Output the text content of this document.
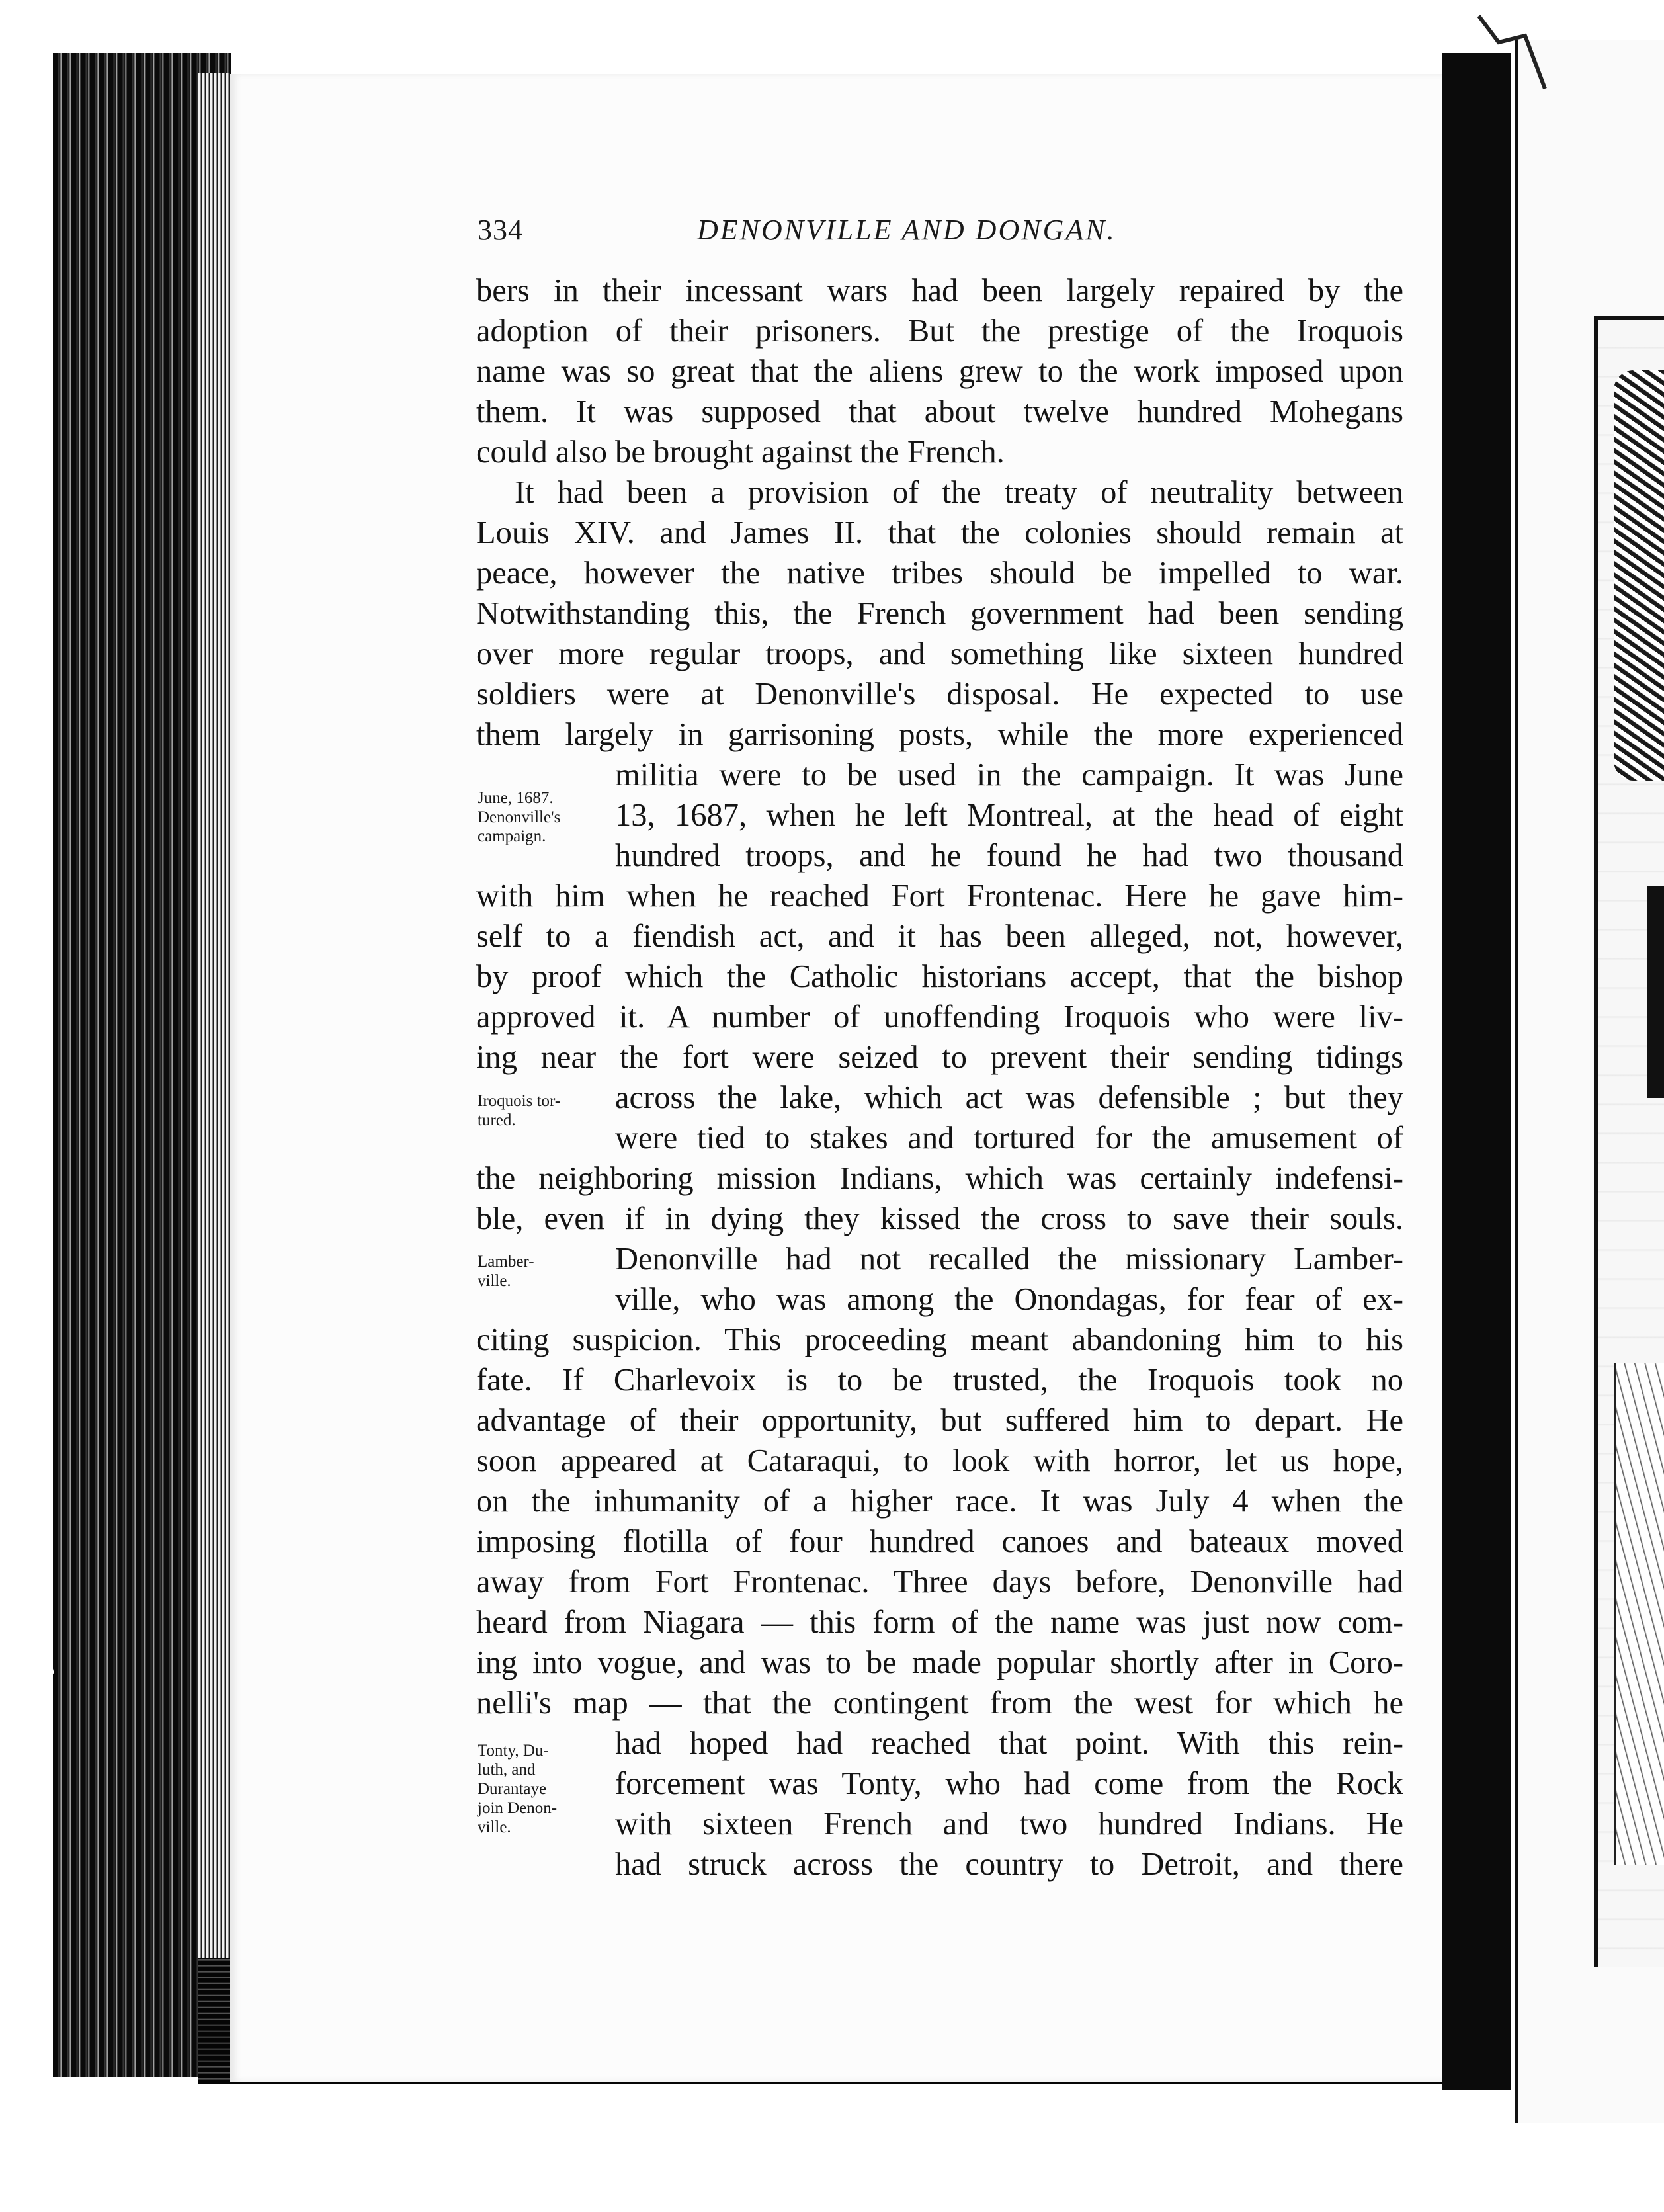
334	DENONVILLE AND DONGAN.
bers in their incessant wars had been largely repaired by the
adoption of their prisoners. But the prestige of the Iroquois
name was so great that the aliens grew to the work imposed upon
them. It was supposed that about twelve hundred Mohegans
could also be brought against the French.
It had been a provision of the treaty of neutrality between
Louis XIV. and James II. that the colonies should remain at
peace, however the native tribes should be impelled to war.
Notwithstanding this, the French government had been sending
over more regular troops, and something like sixteen hundred
soldiers were at Denonville's disposal. He expected to use
them largely in garrisoning posts, while the more experienced
militia were to be used in the campaign. It was June
13, 1687, when he left Montreal, at the head of eight
hundred troops, and he found he had two thousand
with him when he reached Fort Frontenac. Here he gave him-
self to a fiendish act, and it has been alleged, not, however,
by proof which the Catholic historians accept, that the bishop
approved it. A number of unoffending Iroquois who were liv-
ing near the fort were seized to prevent their sending tidings
across the lake, which act was defensible ; but they
were tied to stakes and tortured for the amusement of
the neighboring mission Indians, which was certainly indefensi-
ble, even if in dying they kissed the cross to save their souls.
Denonville had not recalled the missionary Lamber-
ville, who was among the Onondagas, for fear of ex-
citing suspicion. This proceeding meant abandoning him to his
fate. If Charlevoix is to be trusted, the Iroquois took no
advantage of their opportunity, but suffered him to depart. He
soon appeared at Cataraqui, to look with horror, let us hope,
on the inhumanity of a higher race. It was July 4 when the
imposing flotilla of four hundred canoes and bateaux moved
away from Fort Frontenac. Three days before, Denonville had
heard from Niagara — this form of the name was just now com-
ing into vogue, and was to be made popular shortly after in Coro-
nelli's map — that the contingent from the west for which he
had hoped had reached that point. With this rein-
forcement was Tonty, who had come from the Rock
with sixteen French and two hundred Indians. He
had struck across the country to Detroit, and there
June, 1687.
Denonville's
campaign.
Iroquois tor-
tured.
Lamber-
ville.
Tonty, Du-
luth, and
Durantaye
join Denon-
ville.
